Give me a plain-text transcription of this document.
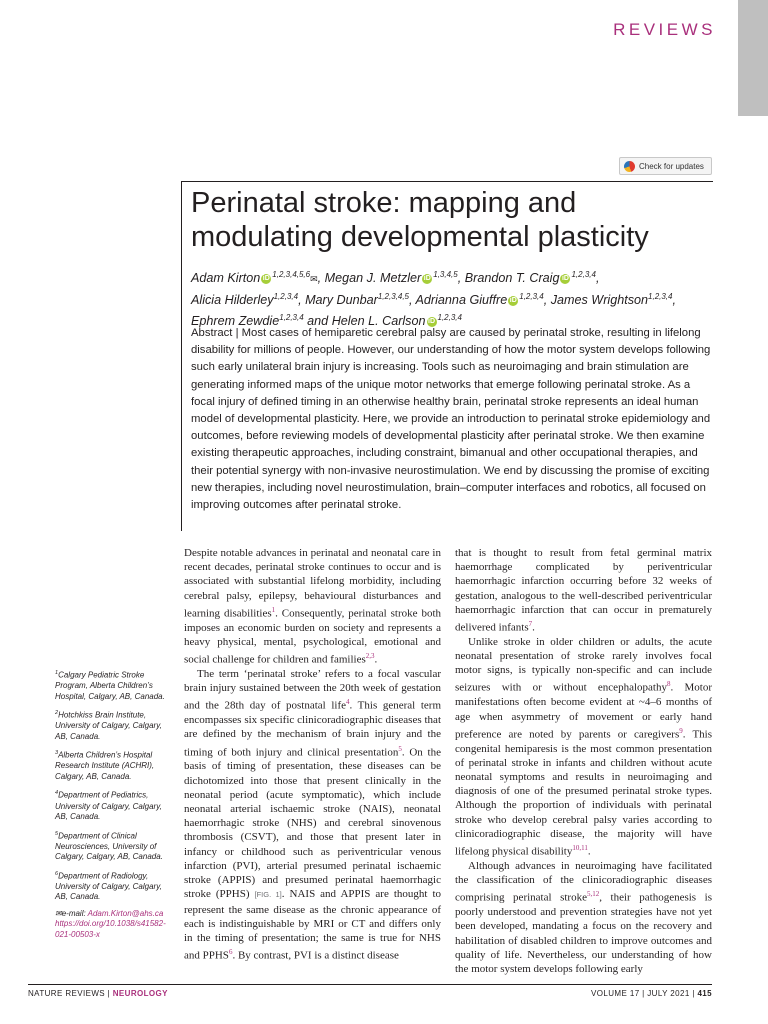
REVIEWS
Check for updates
Perinatal stroke: mapping and modulating developmental plasticity
Adam Kirton iD $^{1,2,3,4,5,6}$✉, Megan J. Metzler iD $^{1,3,4,5}$, Brandon T. Craig iD $^{1,2,3,4}$,
Alicia Hilderley$^{1,2,3,4}$, Mary Dunbar$^{1,2,3,4,5}$, Adrianna Giuffre iD $^{1,2,3,4}$, James Wrightson$^{1,2,3,4}$,
Ephrem Zewdie$^{1,2,3,4}$ and Helen L. Carlson iD $^{1,2,3,4}$

Abstract | Most cases of hemiparetic cerebral palsy are caused by perinatal stroke, resulting in lifelong disability for millions of people. However, our understanding of how the motor system develops following such early unilateral brain injury is increasing. Tools such as neuroimaging and brain stimulation are generating informed maps of the unique motor networks that emerge following perinatal stroke. As a focal injury of defined timing in an otherwise healthy brain, perinatal stroke represents an ideal human model of developmental plasticity. Here, we provide an introduction to perinatal stroke epidemiology and outcomes, before reviewing models of developmental plasticity after perinatal stroke. We then examine existing therapeutic approaches, including constraint, bimanual and other occupational therapies, and their potential synergy with non-invasive neurostimulation. We end by discussing the promise of exciting new therapies, including novel neurostimulation, brain–computer interfaces and robotics, all focused on improving outcomes after perinatal stroke.

Despite notable advances in perinatal and neonatal care in recent decades, perinatal stroke continues to occur and is associated with substantial lifelong morbidity, including cerebral palsy, epilepsy, behavioural disturbances and learning disabilities$^1$. Consequently, perinatal stroke both imposes an economic burden on society and represents a heavy physical, mental, psychological, emotional and social challenge for children and families$^{2,3}$.

The term ‘perinatal stroke’ refers to a focal vascular brain injury sustained between the 20th week of gestation and the 28th day of postnatal life$^4$. This general term encompasses six specific clinicoradiographic diseases that are defined by the mechanism of brain injury and the timing of both injury and clinical presentation$^5$. On the basis of timing of presentation, these diseases can be dichotomized into those that present clinically in the neonatal period (acute symptomatic), which include neonatal arterial ischaemic stroke (NAIS), neonatal haemorrhagic stroke (NHS) and cerebral sinovenous thrombosis (CSVT), and those that present later in infancy or childhood such as periventricular venous infarction (PVI), arterial presumed perinatal ischaemic stroke (APPIS) and presumed perinatal haemorrhagic stroke (PPHS) [FIG. 1]. NAIS and APPIS are thought to represent the same disease as the chronic appearance of each is indistinguishable by MRI or CT and differs only in the timing of presentation; the same is true for NHS and PPHS$^6$. By contrast, PVI is a distinct disease

that is thought to result from fetal germinal matrix haemorrhage complicated by periventricular haemorrhagic infarction occurring before 32 weeks of gestation, analogous to the well-described periventricular haemorrhagic infarction that can occur in prematurely delivered infants$^7$.

Unlike stroke in older children or adults, the acute neonatal presentation of stroke rarely involves focal motor signs, is typically non-specific and can include seizures with or without encephalopathy$^8$. Motor manifestations often become evident at ~4–6 months of age when asymmetry of movement or early hand preference are noted by parents or caregivers$^9$. This congenital hemiparesis is the most common presentation of perinatal stroke in infants and children without acute neonatal symptoms and results in neuroimaging and diagnosis of one of the presumed perinatal stroke types. Although the proportion of individuals with perinatal stroke who develop cerebral palsy varies according to clinicoradiographic disease, the majority will have lifelong physical disability$^{10,11}$.

Although advances in neuroimaging have facilitated the classification of the clinicoradiographic diseases comprising perinatal stroke$^{5,12}$, their pathogenesis is poorly understood and prevention strategies have not yet been developed, mandating a focus on the recovery and habilitation of disabled children to improve outcomes and quality of life. Nevertheless, our understanding of how the motor system develops following early

$^1$Calgary Pediatric Stroke Program, Alberta Children’s Hospital, Calgary, AB, Canada.
$^2$Hotchkiss Brain Institute, University of Calgary, Calgary, AB, Canada.
$^3$Alberta Children’s Hospital Research Institute (ACHRI), Calgary, AB, Canada.
$^4$Department of Pediatrics, University of Calgary, Calgary, AB, Canada.
$^5$Department of Clinical Neurosciences, University of Calgary, Calgary, AB, Canada.
$^6$Department of Radiology, University of Calgary, Calgary, AB, Canada.
✉e-mail: Adam.Kirton@ahs.ca
https://doi.org/10.1038/s41582-021-00503-x
NATURE REVIEWS | NEUROLOGY	VOLUME 17 | JULY 2021 | 415
